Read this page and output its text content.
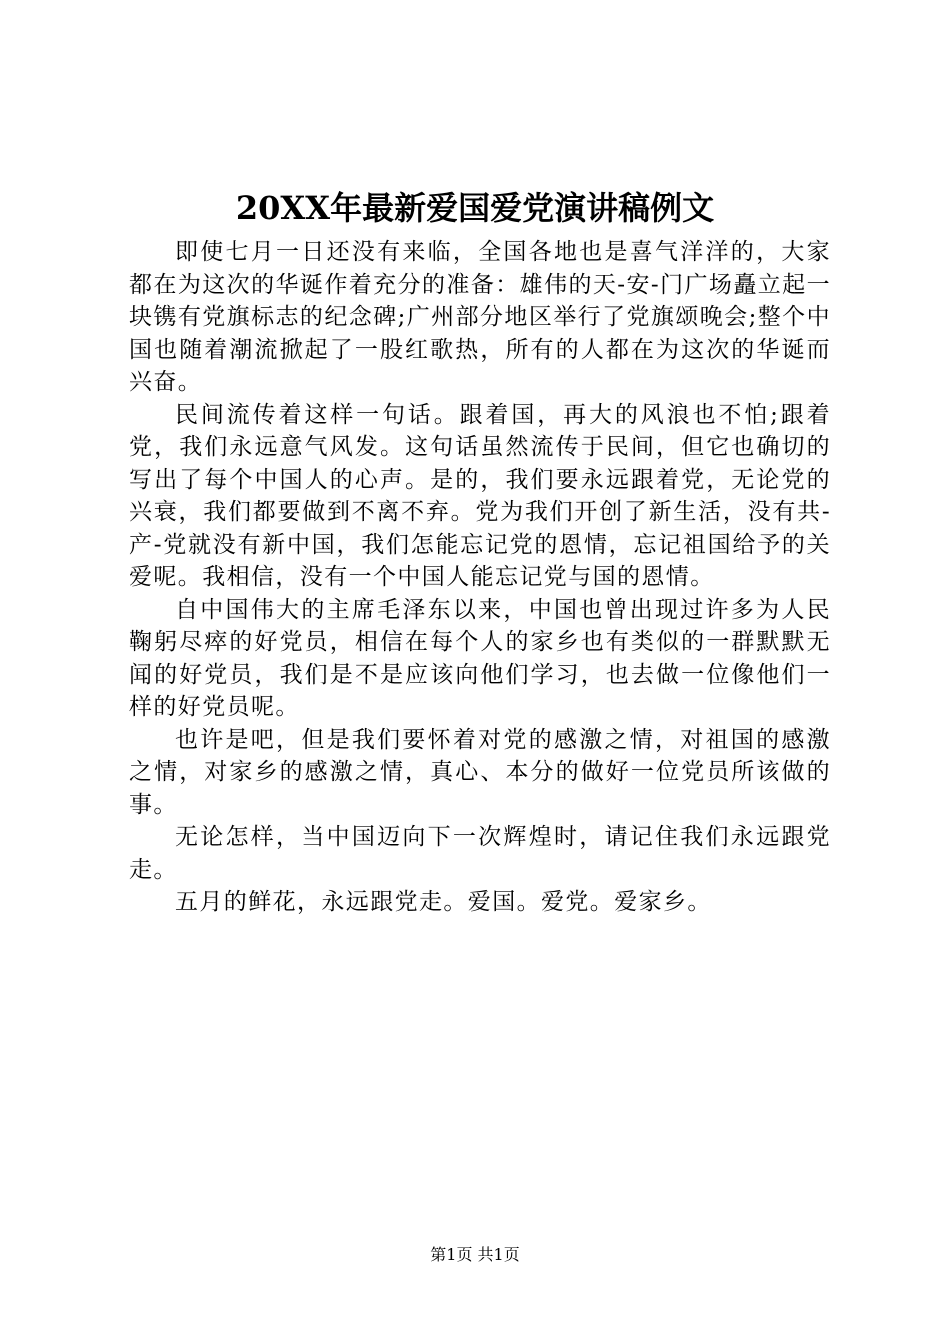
20XX年最新爱国爱党演讲稿例文

即使七月一日还没有来临，全国各地也是喜气洋洋的，大家都在为这次的华诞作着充分的准备：雄伟的天-安-门广场矗立起一块镌有党旗标志的纪念碑;广州部分地区举行了党旗颂晚会;整个中国也随着潮流掀起了一股红歌热，所有的人都在为这次的华诞而兴奋。

民间流传着这样一句话。跟着国，再大的风浪也不怕;跟着党，我们永远意气风发。这句话虽然流传于民间，但它也确切的写出了每个中国人的心声。是的，我们要永远跟着党，无论党的兴衰，我们都要做到不离不弃。党为我们开创了新生活，没有共-产-党就没有新中国，我们怎能忘记党的恩情，忘记祖国给予的关爱呢。我相信，没有一个中国人能忘记党与国的恩情。

自中国伟大的主席毛泽东以来，中国也曾出现过许多为人民鞠躬尽瘁的好党员，相信在每个人的家乡也有类似的一群默默无闻的好党员，我们是不是应该向他们学习，也去做一位像他们一样的好党员呢。

也许是吧，但是我们要怀着对党的感激之情，对祖国的感激之情，对家乡的感激之情，真心、本分的做好一位党员所该做的事。

无论怎样，当中国迈向下一次辉煌时，请记住我们永远跟党走。

五月的鲜花，永远跟党走。爱国。爱党。爱家乡。

第1页 共1页
